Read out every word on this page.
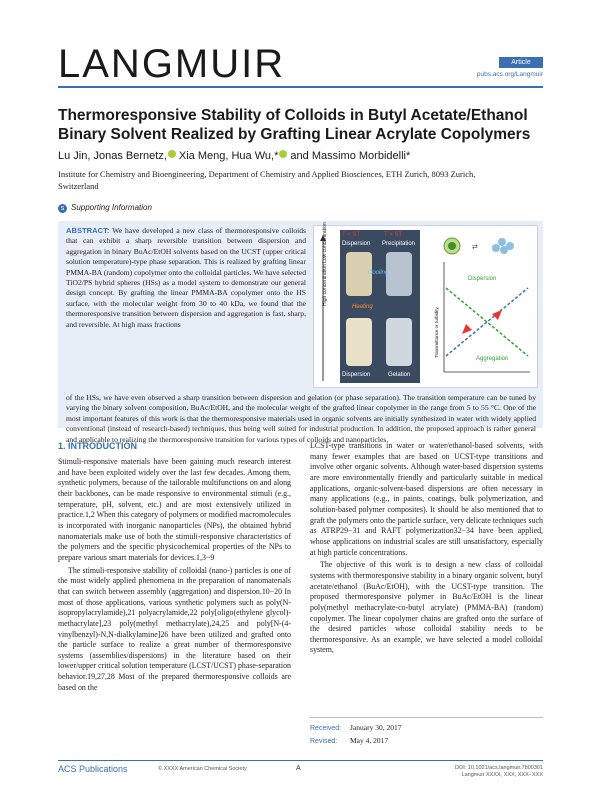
LANGMUIR	Article
pubs.acs.org/Langmuir
Thermoresponsive Stability of Colloids in Butyl Acetate/Ethanol Binary Solvent Realized by Grafting Linear Acrylate Copolymers
Lu Jin, Jonas Bernetz, Xia Meng, Hua Wu,* and Massimo Morbidelli*
Institute for Chemistry and Bioengineering, Department of Chemistry and Applied Biosciences, ETH Zurich, 8093 Zurich, Switzerland
s Supporting Information
ABSTRACT: We have developed a new class of thermoresponsive colloids that can exhibit a sharp reversible transition between dispersion and aggregation in binary BuAc/EtOH solvents based on the UCST (upper critical solution temperature)-type phase separation. This is realized by grafting linear PMMA-BA (random) copolymer onto the colloidal particles. We have selected TiO2/PS hybrid spheres (HSs) as a model system to demonstrate our general design concept. By grafting the linear PMMA-BA copolymer onto the HS surface, with the molecular weight from 30 to 40 kDa, we found that the thermoresponsive transition between dispersion and aggregation is fast, sharp, and reversible. At high mass fractions
of the HSs, we have even observed a sharp transition between dispersion and gelation (or phase separation). The transition temperature can be tuned by varying the binary solvent composition, BuAc/EtOH, and the molecular weight of the grafted linear copolymer in the range from 5 to 55 °C. One of the most important features of this work is that the thermoresponsive materials used in organic solvents are initially synthesized in water with widely applied conventional (instead of research-based) techniques, thus being well suited for industrial production. In addition, the proposed approach is rather general and applicable to realizing the thermoresponsive transition for various types of colloids and nanoparticles.
High concentration Low concentration T < ST	T > ST
Dispersion Precipitation
Cooling
Heating
Dispersion	Gelation
⇄
Dispersion
Aggregation
Transmittance or turbidity
1. INTRODUCTION

Stimuli-responsive materials have been gaining much research interest and have been exploited widely over the last few decades. Among them, synthetic polymers, because of the tailorable multifunctions on and along their backbones, can be made responsive to environmental stimuli (e.g., temperature, pH, solvent, etc.) and are most extensively utilized in practice.1,2 When this category of polymers or modified macromolecules is incorporated with inorganic nanoparticles (NPs), the obtained hybrid nanomaterials make use of both the stimuli-responsive characteristics of the polymers and the specific physicochemical properties of the NPs to prepare various smart materials for devices.1,3−9

The stimuli-responsive stability of colloidal (nano-) particles is one of the most widely applied phenomena in the preparation of nanomaterials that can switch between assembly (aggregation) and dispersion.10−20 In most of those applications, various synthetic polymers such as poly(N-isopropylacrylamide),21 polyacrylamide,22 poly[oligo(ethylene glycol)-methacrylate],23 poly(methyl methacrylate),24,25 and poly[N-(4-vinylbenzyl)-N,N-dialkylamine]26 have been utilized and grafted onto the particle surface to realize a great number of thermoresponsive systems (assemblies/dispersions) in the literature based on their lower/upper critical solution temperature (LCST/UCST) phase-separation behavior.19,27,28 Most of the prepared thermoresponsive colloids are based on the

LCST-type transitions in water or water/ethanol-based solvents, with many fewer examples that are based on UCST-type transitions and involve other organic solvents. Although water-based dispersion systems are more environmentally friendly and particularly suitable in medical applications, organic-solvent-based dispersions are often necessary in many applications (e.g., in paints, coatings, bulk polymerization, and solution-based polymer composites). It should be also mentioned that to graft the polymers onto the particle surface, very delicate techniques such as ATRP29−31 and RAFT polymerization32−34 have been applied, whose applications on industrial scales are still unsatisfactory, especially at high particle concentrations.

The objective of this work is to design a new class of colloidal systems with thermoresponsive stability in a binary organic solvent, butyl acetate/ethanol (BuAc/EtOH), with the UCST-type transition. The proposed thermoresponsive polymer in BuAc/EtOH is the linear poly(methyl methacrylate-co-butyl acrylate) (PMMA-BA) (random) copolymer. The linear copolymer chains are grafted onto the surface of the desired particles whose colloidal stability needs to be thermoresponsive. As an example, we have selected a model colloidal system,

Received: January 30, 2017
Revised: May 4, 2017
ACS Publications	© XXXX American Chemical Society	A	DOI: 10.1021/acs.langmuir.7b00301
Langmuir XXXX, XXX, XXX−XXX
